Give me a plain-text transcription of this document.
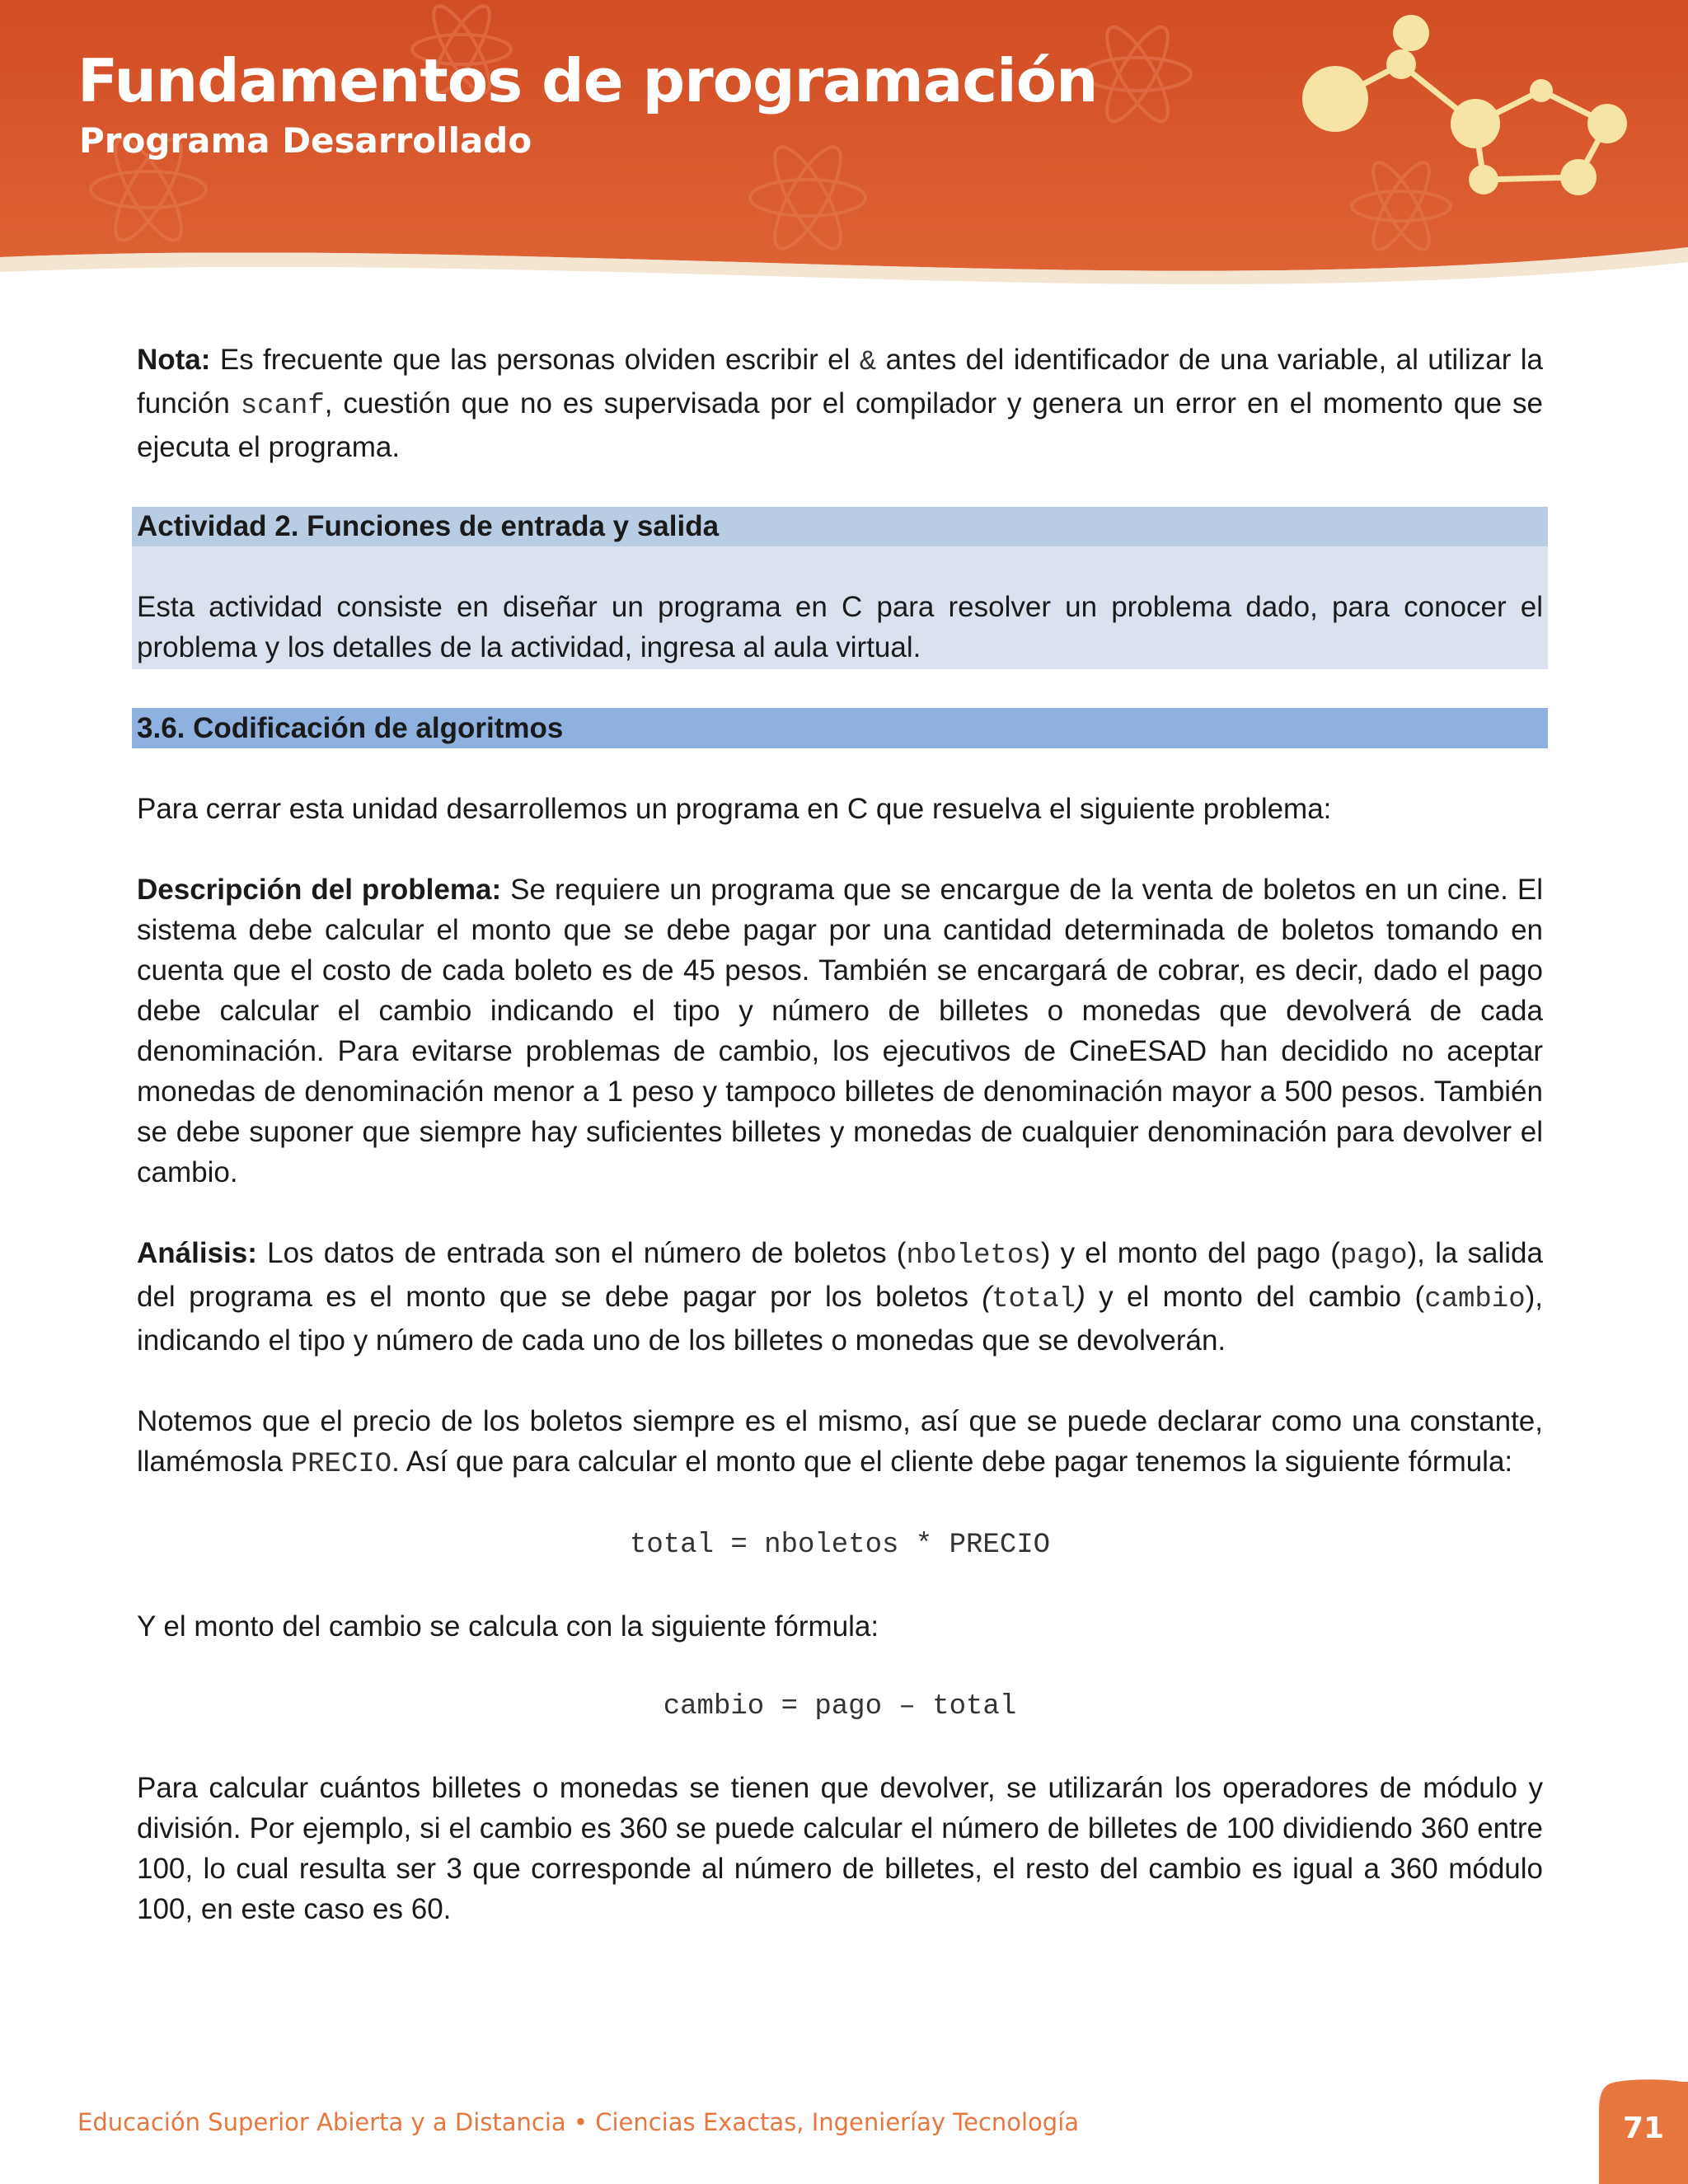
Fundamentos de programación
Programa Desarrollado

Nota: Es frecuente que las personas olviden escribir el & antes del identificador de una variable, al utilizar la función scanf, cuestión que no es supervisada por el compilador y genera un error en el momento que se ejecuta el programa.

Actividad 2. Funciones de entrada y salida

Esta actividad consiste en diseñar un programa en C para resolver un problema dado, para conocer el problema y los detalles de la actividad, ingresa al aula virtual.

3.6. Codificación de algoritmos

Para cerrar esta unidad desarrollemos un programa en C que resuelva el siguiente problema:

Descripción del problema: Se requiere un programa que se encargue de la venta de boletos en un cine. El sistema debe calcular el monto que se debe pagar por una cantidad determinada de boletos tomando en cuenta que el costo de cada boleto es de 45 pesos. También se encargará de cobrar, es decir, dado el pago debe calcular el cambio indicando el tipo y número de billetes o monedas que devolverá de cada denominación. Para evitarse problemas de cambio, los ejecutivos de CineESAD han decidido no aceptar monedas de denominación menor a 1 peso y tampoco billetes de denominación mayor a 500 pesos. También se debe suponer que siempre hay suficientes billetes y monedas de cualquier denominación para devolver el cambio.

Análisis: Los datos de entrada son el número de boletos (nboletos) y el monto del pago (pago), la salida del programa es el monto que se debe pagar por los boletos (total) y el monto del cambio (cambio), indicando el tipo y número de cada uno de los billetes o monedas que se devolverán.

Notemos que el precio de los boletos siempre es el mismo, así que se puede declarar como una constante, llamémosla PRECIO. Así que para calcular el monto que el cliente debe pagar tenemos la siguiente fórmula:

total = nboletos * PRECIO

Y el monto del cambio se calcula con la siguiente fórmula:

cambio = pago – total

Para calcular cuántos billetes o monedas se tienen que devolver, se utilizarán los operadores de módulo y división. Por ejemplo, si el cambio es 360 se puede calcular el número de billetes de 100 dividiendo 360 entre 100, lo cual resulta ser 3 que corresponde al número de billetes, el resto del cambio es igual a 360 módulo 100, en este caso es 60.

Educación Superior Abierta y a Distancia • Ciencias Exactas, Ingenieríay Tecnología	71
